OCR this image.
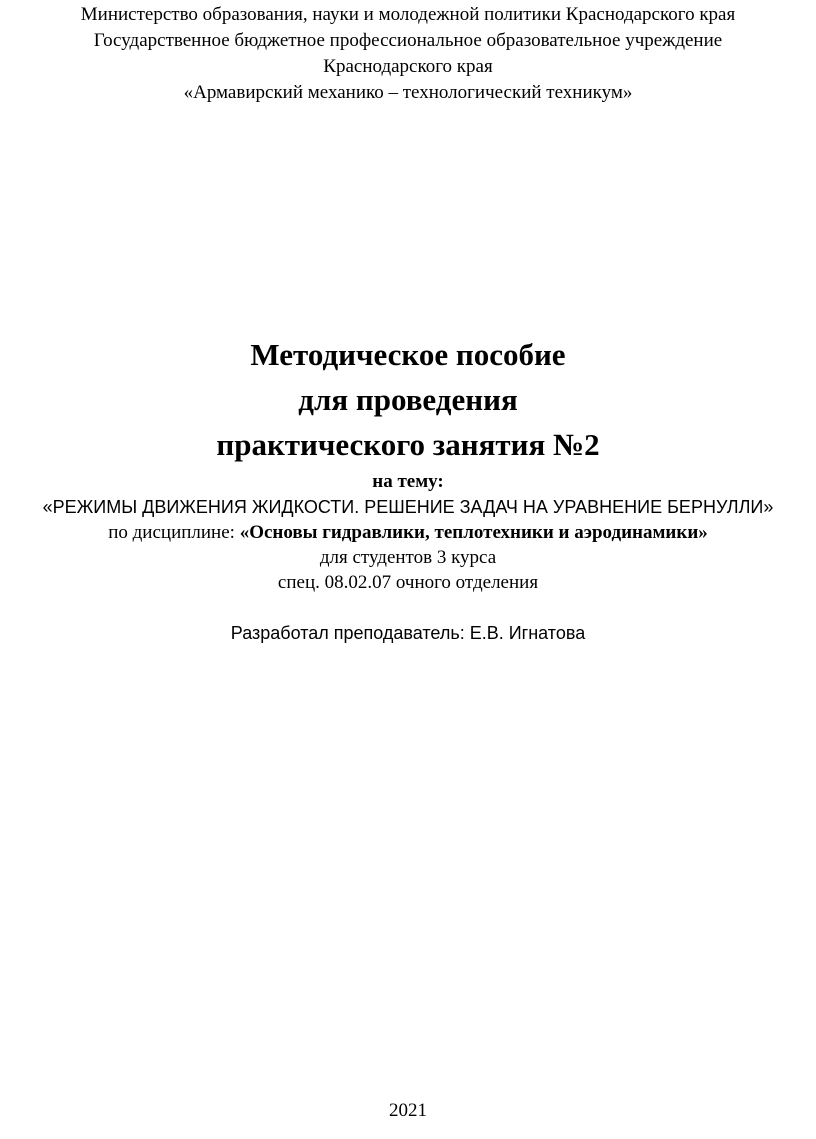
Министерство образования, науки и молодежной политики Краснодарского края
Государственное бюджетное профессиональное образовательное учреждение
Краснодарского края
«Армавирский механико – технологический техникум»
Методическое пособие
для проведения
практического занятия №2
на тему:
«РЕЖИМЫ ДВИЖЕНИЯ ЖИДКОСТИ. РЕШЕНИЕ ЗАДАЧ НА УРАВНЕНИЕ БЕРНУЛЛИ»
по дисциплине: «Основы гидравлики, теплотехники и аэродинамики»
для студентов 3 курса
спец. 08.02.07 очного отделения
Разработал преподаватель: Е.В. Игнатова
2021
